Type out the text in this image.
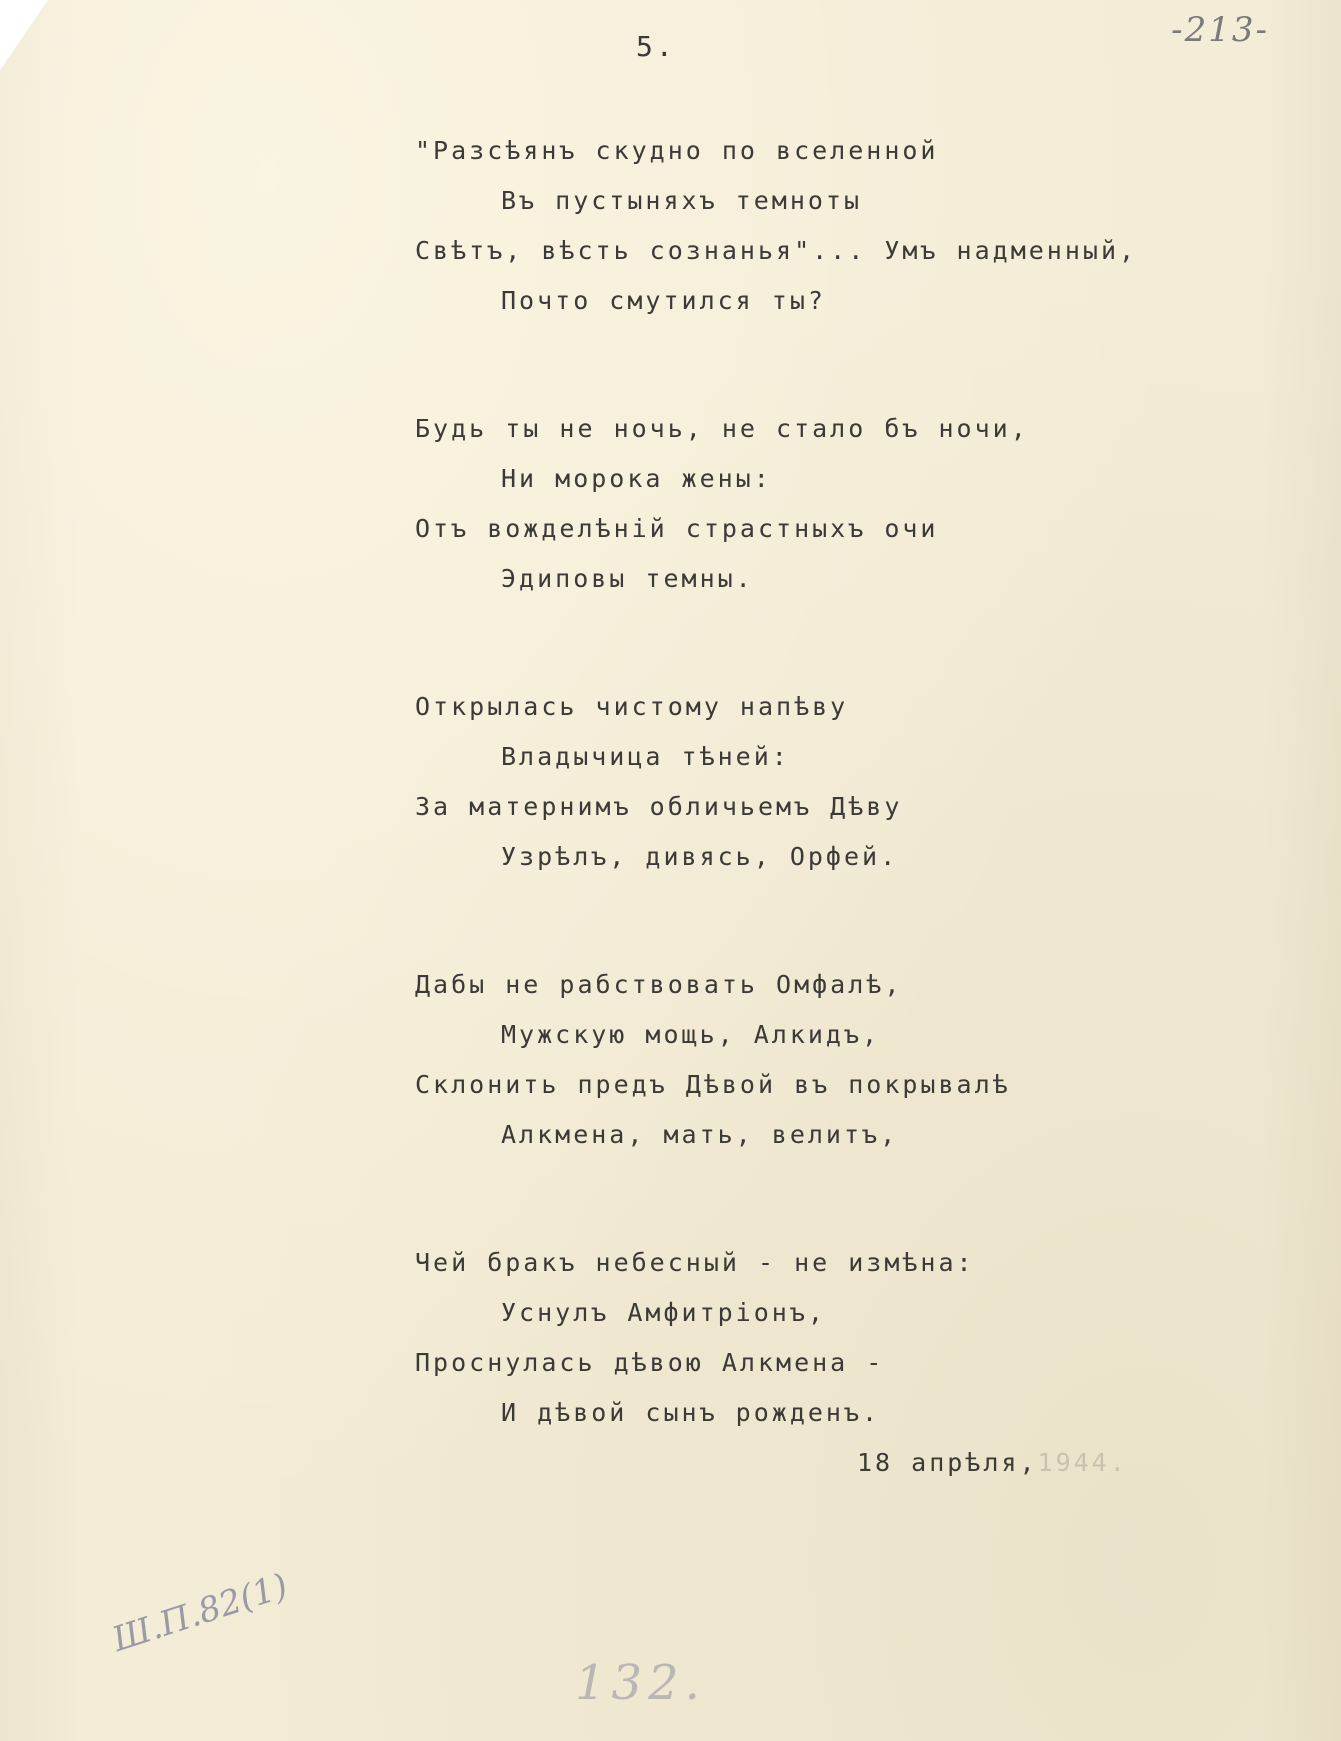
-213-
5.
"Разсѣянъ скудно по вселенной
Въ пустыняхъ темноты
Свѣтъ, вѣсть сознанья"... Умъ надменный,
Почто смутился ты?
Будь ты не ночь, не стало бъ ночи,
Ни морока жены:
Отъ вожделѣній страстныхъ очи
Эдиповы темны.
Открылась чистому напѣву
Владычица тѣней:
За матернимъ обличьемъ Дѣву
Узрѣлъ, дивясь, Орфей.
Дабы не рабствовать Омфалѣ,
Мужскую мощь, Алкидъ,
Склонить предъ Дѣвой въ покрывалѣ
Алкмена, мать, велитъ,
Чей бракъ небесный - не измѣна:
Уснулъ Амфитріонъ,
Проснулась дѣвою Алкмена -
И дѣвой сынъ рожденъ.
18 апрѣля,1944.
Ш.П.82(1)
132.
